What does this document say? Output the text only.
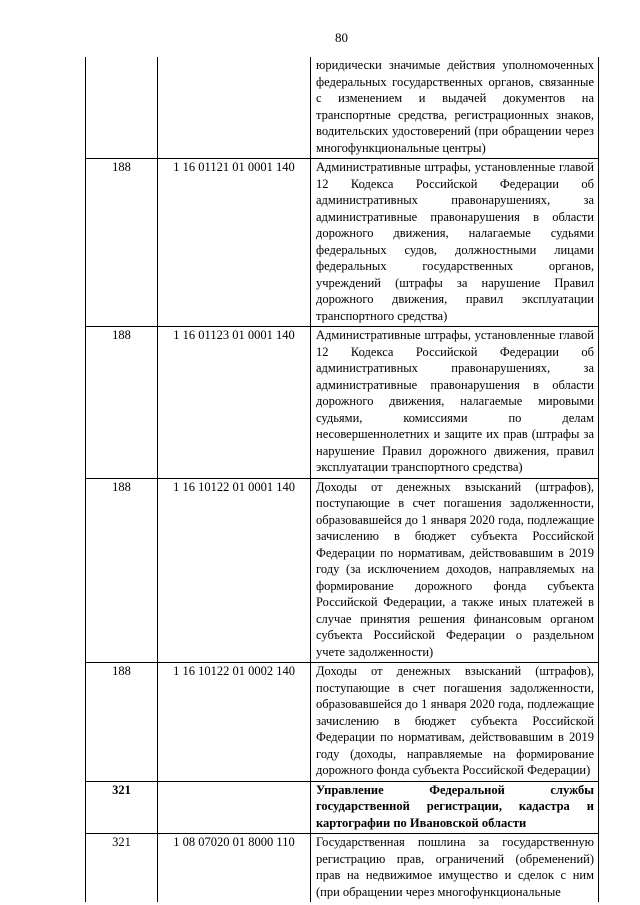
80
		юридически значимые действия уполномоченных федеральных государственных органов, связанные с изменением и выдачей документов на транспортные средства, регистрационных знаков, водительских удостоверений (при обращении через многофункциональные центры)
188	1 16 01121 01 0001 140	Административные штрафы, установленные главой 12 Кодекса Российской Федерации об административных правонарушениях, за административные правонарушения в области дорожного движения, налагаемые судьями федеральных судов, должностными лицами федеральных государственных органов, учреждений (штрафы за нарушение Правил дорожного движения, правил эксплуатации транспортного средства)
188	1 16 01123 01 0001 140	Административные штрафы, установленные главой 12 Кодекса Российской Федерации об административных правонарушениях, за административные правонарушения в области дорожного движения, налагаемые мировыми судьями, комиссиями по делам несовершеннолетних и защите их прав (штрафы за нарушение Правил дорожного движения, правил эксплуатации транспортного средства)
188	1 16 10122 01 0001 140	Доходы от денежных взысканий (штрафов), поступающие в счет погашения задолженности, образовавшейся до 1 января 2020 года, подлежащие зачислению в бюджет субъекта Российской Федерации по нормативам, действовавшим в 2019 году (за исключением доходов, направляемых на формирование дорожного фонда субъекта Российской Федерации, а также иных платежей в случае принятия решения финансовым органом субъекта Российской Федерации о раздельном учете задолженности)
188	1 16 10122 01 0002 140	Доходы от денежных взысканий (штрафов), поступающие в счет погашения задолженности, образовавшейся до 1 января 2020 года, подлежащие зачислению в бюджет субъекта Российской Федерации по нормативам, действовавшим в 2019 году (доходы, направляемые на формирование дорожного фонда субъекта Российской Федерации)
321		Управление Федеральной службы государственной регистрации, кадастра и картографии по Ивановской области
321	1 08 07020 01 8000 110	Государственная пошлина за государственную регистрацию прав, ограничений (обременений) прав на недвижимое имущество и сделок с ним (при обращении через многофункциональные
